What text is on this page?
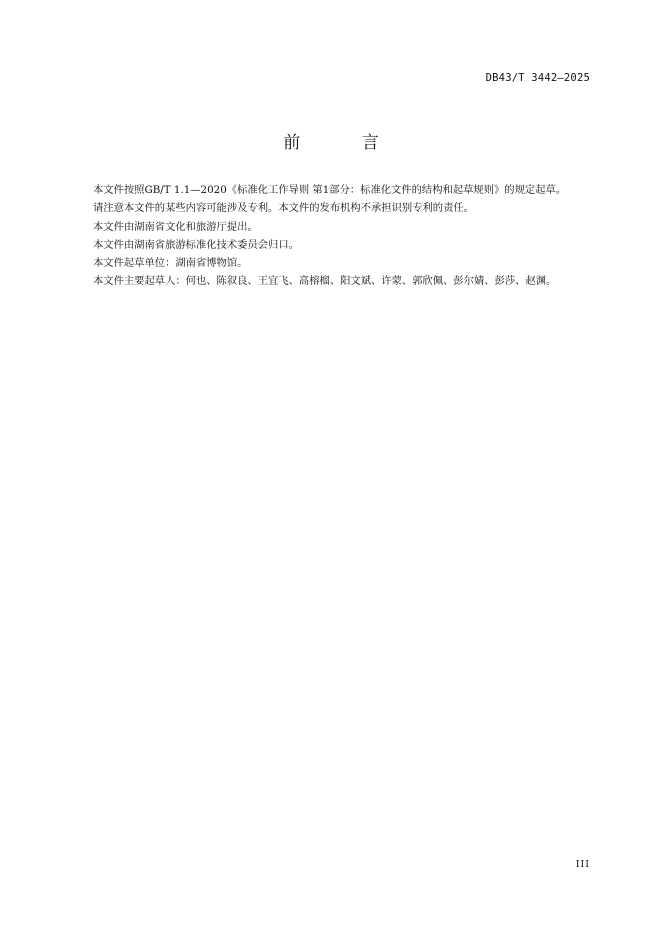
DB43/T 3442—2025
前 言

本文件按照GB/T 1.1—2020《标准化工作导则 第1部分：标准化文件的结构和起草规则》的规定起草。

请注意本文件的某些内容可能涉及专利。本文件的发布机构不承担识别专利的责任。

本文件由湖南省文化和旅游厅提出。

本文件由湖南省旅游标准化技术委员会归口。

本文件起草单位：湖南省博物馆。

本文件主要起草人：何也、陈叙良、王宜飞、高榕榴、阳文斌、许蒙、郭欣佩、彭尔婧、彭莎、赵渊。

III
